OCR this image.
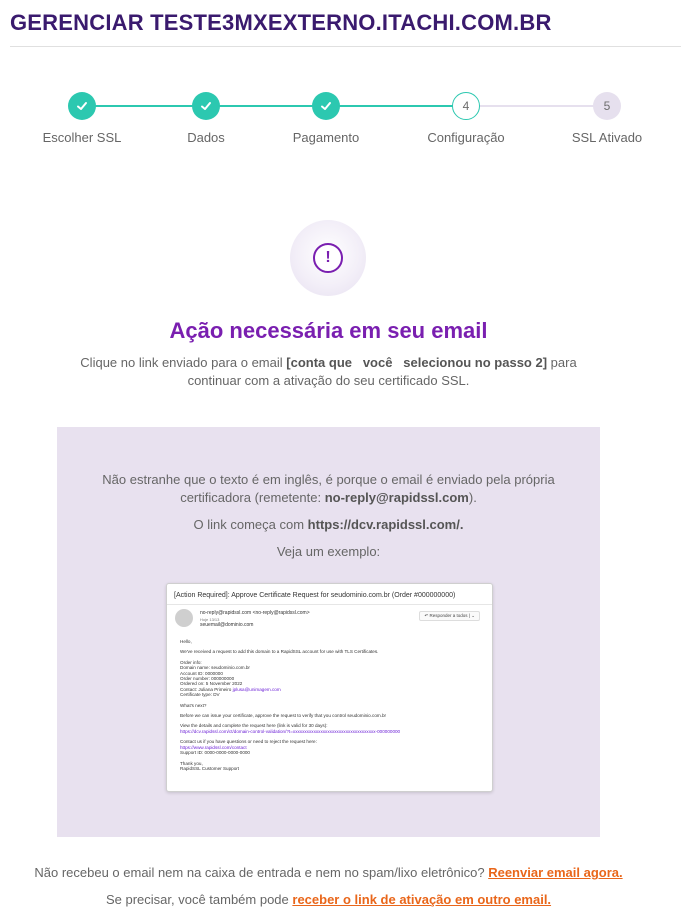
GERENCIAR TESTE3MXEXTERNO.ITACHI.COM.BR
Escolher SSL	Dados	Pagamento
4
Configuração
5
SSL Ativado
!
Ação necessária em seu email
Clique no link enviado para o email [conta que   você   selecionou no passo 2] para continuar com a ativação do seu certificado SSL.

Não estranhe que o texto é em inglês, é porque o email é enviado pela própria certificadora (remetente: no-reply@rapidssl.com).

O link começa com https://dcv.rapidssl.com/.

Veja um exemplo:

[Action Required]: Approve Certificate Request for seudominio.com.br (Order #000000000)
no-reply@rapidssl.com <no-reply@rapidssl.com>
Hoje 13/13
seuemail@dominio.com
↶ Responder a todos | ⌄
Hello,
We've received a request to add this domain to a RapidSSL account for use with TLS Certificates.
Order info:
Domain name: seudominio.com.br
Account ID: 0000000
Order number: 000000000
Ordered on: 5 November 2022
Contact: Juliana Primeiro jplusa@unimagem.com
Certificate type: DV
What's next?
Before we can issue your certificate, approve the request to verify that you control seudominio.com.br
View the details and complete the request here (link is valid for 30 days):
https://dcv.rapidssl.com/ct/domain-control-validation/?t=xxxxxxxxxxxxxxxxxxxxxxxxxxxxxxxxxxxx-000000000
Contact us if you have questions or need to reject the request here:
https://www.rapidssl.com/contact
Support ID: 0000-0000-0000-0000
Thank you,
RapidSSL Customer Support
Não recebeu o email nem na caixa de entrada e nem no spam/lixo eletrônico? Reenviar email agora.
Se precisar, você também pode receber o link de ativação em outro email.
